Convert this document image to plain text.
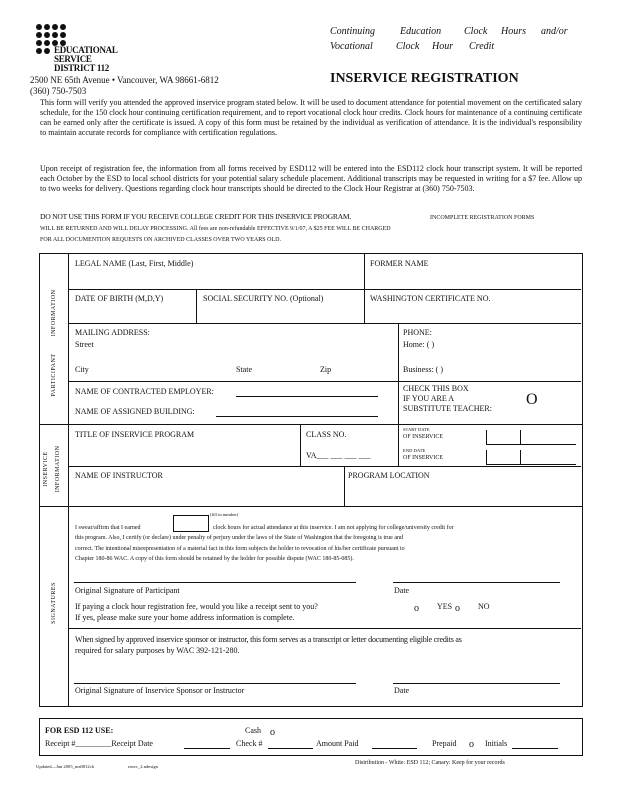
EDUCATIONAL
SERVICE
DISTRICT 112
2500 NE 65th Avenue • Vancouver, WA 98661-6812
(360) 750-7503
Continuing Education Clock Hours and/or
Vocational Clock Hour Credit
INSERVICE REGISTRATION
This form will verify you attended the approved inservice program stated below. It will be used to document attendance for potential movement on the certificated salary schedule, for the 150 clock hour continuing certification requirement, and to report vocational clock hour credits. Clock hours for maintenance of a continuing certificate can be earned only after the certificate is issued. A copy of this form must be retained by the individual as verification of attendance. It is the individual's responsibility to maintain accurate records for compliance with certification regulations.
Upon receipt of registration fee, the information from all forms received by ESD112 will be entered into the ESD112 clock hour transcript system. It will be reported each October by the ESD to local school districts for your potential salary schedule placement. Additional transcripts may be requested in writing for a $7 fee. Allow up to two weeks for delivery. Questions regarding clock hour transcripts should be directed to the Clock Hour Registrar at (360) 750-7503.
DO NOT USE THIS FORM IF YOU RECEIVE COLLEGE CREDIT FOR THIS INSERVICE PROGRAM.	INCOMPLETE REGISTRATION FORMS
WILL BE RETURNED AND WILL DELAY PROCESSING. All fees are non-refundable EFFECTIVE 9/1/07, A $25 FEE WILL BE CHARGED
FOR ALL DOCUMENTION REQUESTS ON ARCHIVED CLASSES OVER TWO YEARS OLD.
INFORMATION
PARTICIPANT
INSERVICE INFORMATION
SIGNATURES
LEGAL NAME (Last, First, Middle)	FORMER NAME
DATE OF BIRTH (M,D,Y)	SOCIAL SECURITY NO. (Optional)	WASHINGTON CERTIFICATE NO.
MAILING ADDRESS:
Street
City	State	Zip
PHONE:
Home: ( )
Business: ( )
NAME OF CONTRACTED EMPLOYER:
NAME OF ASSIGNED BUILDING:
CHECK THIS BOX
IF YOU ARE A
SUBSTITUTE TEACHER:
O
TITLE OF INSERVICE PROGRAM	CLASS NO.
VA___ ___ ___ ___
START DATE
OF INSERVICE
END DATE
OF INSERVICE
NAME OF INSTRUCTOR	PROGRAM LOCATION
I swear/affirm that I earned
(fill in number)
clock hours for actual attendance at this inservice. I am not applying for college/university credit for
this program. Also, I certify (or declare) under penalty of perjury under the laws of the State of Washington that the foregoing is true and
correct. The intentional misrepresentation of a material fact in this form subjects the holder to revocation of his/her certificate pursuant to
Chapter 180-86 WAC. A copy of this form should be retained by the holder for possible dispute (WAC 180-85-085).
Original Signature of Participant	Date
If paying a clock hour registration fee, would you like a receipt sent to you?
If yes, please make sure your home address information is complete.
o YES o NO
When signed by approved inservice sponsor or instructor, this form serves as a transcript or letter documenting eligible credits as
required for salary purposes by WAC 392-121-280.
Original Signature of Inservice Sponsor or Instructor	Date
FOR ESD 112 USE:	Cash o
Receipt #_________Receipt Date	Check #	Amount Paid	Prepaid o Initials
Updated—Jan 2005_ma0812ch	rnsvc_2.ndesign
Distribution - White: ESD 112; Canary: Keep for your records
